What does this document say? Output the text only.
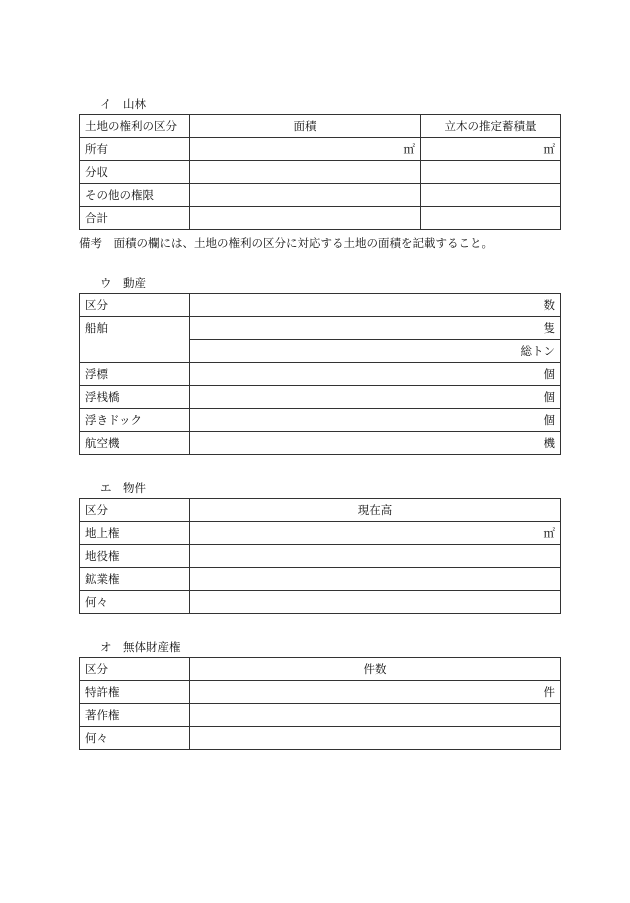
イ　山林
土地の権利の区分	面積	立木の推定蓄積量
所有	㎡	㎡
分収		
その他の権限		
合計		
備考　面積の欄には、土地の権利の区分に対応する土地の面積を記載すること。
ウ　動産
区分	数
船舶	隻
	総トン
浮標	個
浮桟橋	個
浮きドック	個
航空機	機
エ　物件
区分	現在高
地上権	㎡
地役権	
鉱業権	
何々	
オ　無体財産権
区分	件数
特許権	件
著作権	
何々	
